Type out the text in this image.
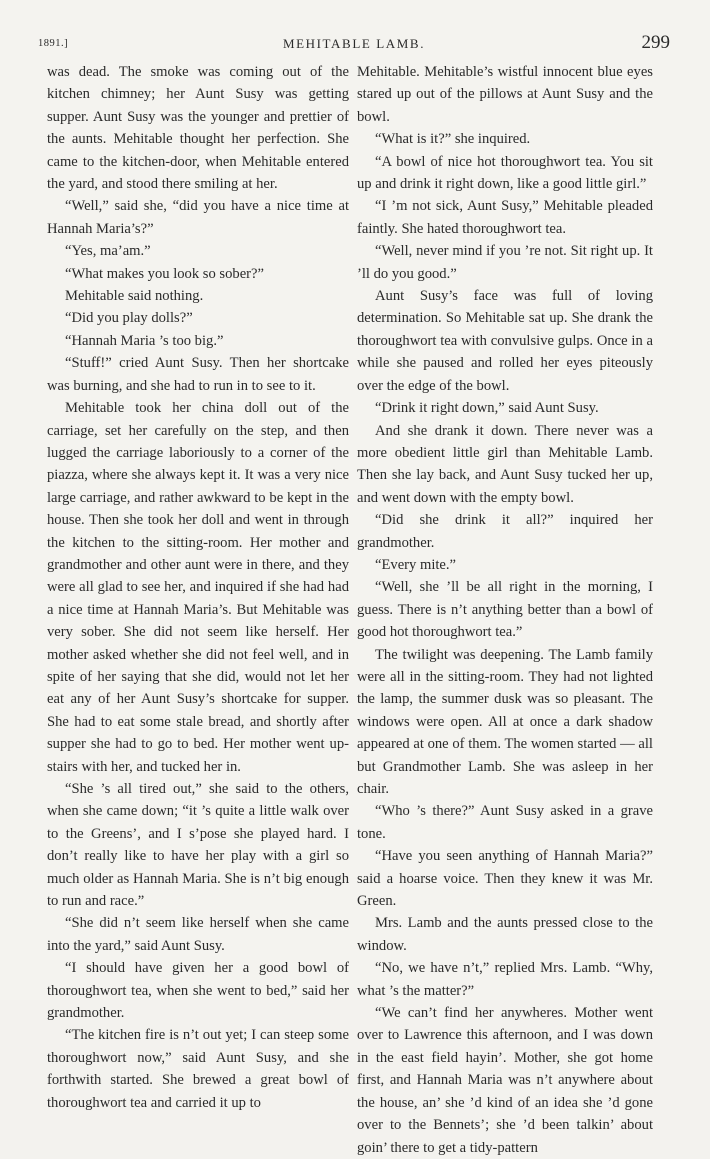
1891.]	MEHITABLE LAMB.	299

was dead. The smoke was coming out of the kitchen chimney; her Aunt Susy was getting supper. Aunt Susy was the younger and prettier of the aunts. Mehitable thought her perfection. She came to the kitchen-door, when Mehitable entered the yard, and stood there smiling at her.

“Well,” said she, “did you have a nice time at Hannah Maria’s?”

“Yes, ma’am.”

“What makes you look so sober?”

Mehitable said nothing.

“Did you play dolls?”

“Hannah Maria ’s too big.”

“Stuff!” cried Aunt Susy. Then her shortcake was burning, and she had to run in to see to it.

Mehitable took her china doll out of the carriage, set her carefully on the step, and then lugged the carriage laboriously to a corner of the piazza, where she always kept it. It was a very nice large carriage, and rather awkward to be kept in the house. Then she took her doll and went in through the kitchen to the sitting-room. Her mother and grandmother and other aunt were in there, and they were all glad to see her, and inquired if she had had a nice time at Hannah Maria’s. But Mehitable was very sober. She did not seem like herself. Her mother asked whether she did not feel well, and in spite of her saying that she did, would not let her eat any of her Aunt Susy’s shortcake for supper. She had to eat some stale bread, and shortly after supper she had to go to bed. Her mother went up-stairs with her, and tucked her in.

“She ’s all tired out,” she said to the others, when she came down; “it ’s quite a little walk over to the Greens’, and I s’pose she played hard. I don’t really like to have her play with a girl so much older as Hannah Maria. She is n’t big enough to run and race.”

“She did n’t seem like herself when she came into the yard,” said Aunt Susy.

“I should have given her a good bowl of thoroughwort tea, when she went to bed,” said her grandmother.

“The kitchen fire is n’t out yet; I can steep some thoroughwort now,” said Aunt Susy, and she forthwith started. She brewed a great bowl of thoroughwort tea and carried it up to

Mehitable. Mehitable’s wistful innocent blue eyes stared up out of the pillows at Aunt Susy and the bowl.

“What is it?” she inquired.

“A bowl of nice hot thoroughwort tea. You sit up and drink it right down, like a good little girl.”

“I ’m not sick, Aunt Susy,” Mehitable pleaded faintly. She hated thoroughwort tea.

“Well, never mind if you ’re not. Sit right up. It ’ll do you good.”

Aunt Susy’s face was full of loving determination. So Mehitable sat up. She drank the thoroughwort tea with convulsive gulps. Once in a while she paused and rolled her eyes piteously over the edge of the bowl.

“Drink it right down,” said Aunt Susy.

And she drank it down. There never was a more obedient little girl than Mehitable Lamb. Then she lay back, and Aunt Susy tucked her up, and went down with the empty bowl.

“Did she drink it all?” inquired her grandmother.

“Every mite.”

“Well, she ’ll be all right in the morning, I guess. There is n’t anything better than a bowl of good hot thoroughwort tea.”

The twilight was deepening. The Lamb family were all in the sitting-room. They had not lighted the lamp, the summer dusk was so pleasant. The windows were open. All at once a dark shadow appeared at one of them. The women started — all but Grandmother Lamb. She was asleep in her chair.

“Who ’s there?” Aunt Susy asked in a grave tone.

“Have you seen anything of Hannah Maria?” said a hoarse voice. Then they knew it was Mr. Green.

Mrs. Lamb and the aunts pressed close to the window.

“No, we have n’t,” replied Mrs. Lamb. “Why, what ’s the matter?”

“We can’t find her anywheres. Mother went over to Lawrence this afternoon, and I was down in the east field hayin’. Mother, she got home first, and Hannah Maria was n’t anywhere about the house, an’ she ’d kind of an idea she ’d gone over to the Bennets’; she ’d been talkin’ about goin’ there to get a tidy-pattern
